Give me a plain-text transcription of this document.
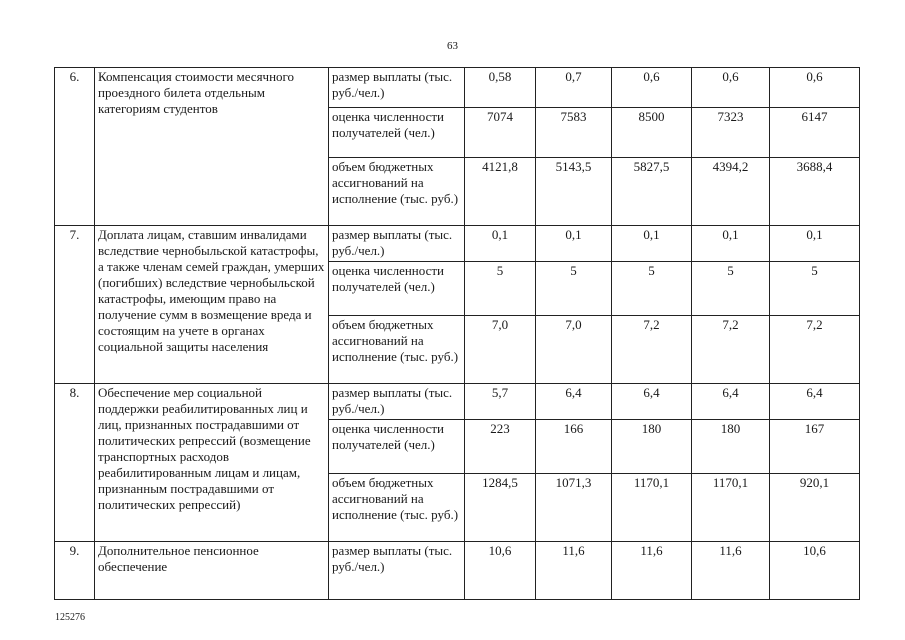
63
6.	Компенсация стоимости месячного проездного билета отдельным категориям студентов	размер выплаты (тыс. руб./чел.)	0,58	0,7	0,6	0,6	0,6
		оценка численности получателей (чел.)	7074	7583	8500	7323	6147
		объем бюджетных ассигнований на исполнение (тыс. руб.)	4121,8	5143,5	5827,5	4394,2	3688,4
7.	Доплата лицам, ставшим инвалидами вследствие чернобыльской катастрофы, а также членам семей граждан, умерших (погибших) вследствие чернобыльской катастрофы, имеющим право на получение сумм в возмещение вреда и состоящим на учете в органах социальной защиты населения	размер выплаты (тыс. руб./чел.)	0,1	0,1	0,1	0,1	0,1
		оценка численности получателей (чел.)	5	5	5	5	5
		объем бюджетных ассигнований на исполнение (тыс. руб.)	7,0	7,0	7,2	7,2	7,2
8.	Обеспечение мер социальной поддержки реабилитированных лиц и лиц, признанных пострадавшими от политических репрессий (возмещение транспортных расходов реабилитированным лицам и лицам, признанным пострадавшими от политических репрессий)	размер выплаты (тыс. руб./чел.)	5,7	6,4	6,4	6,4	6,4
		оценка численности получателей (чел.)	223	166	180	180	167
		объем бюджетных ассигнований на исполнение (тыс. руб.)	1284,5	1071,3	1170,1	1170,1	920,1
9.	Дополнительное пенсионное обеспечение	размер выплаты (тыс. руб./чел.)	10,6	11,6	11,6	11,6	10,6
125276
